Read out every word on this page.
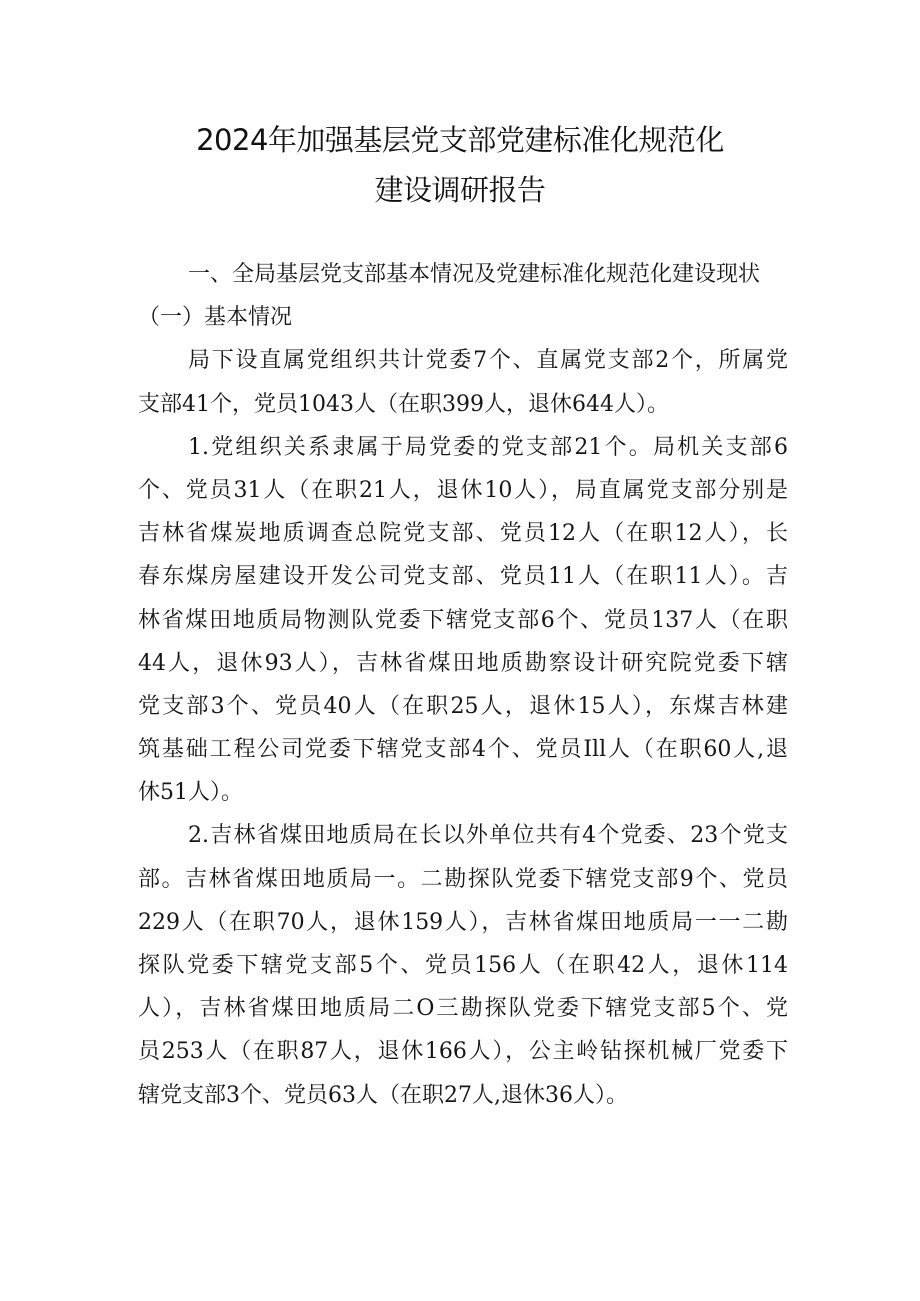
2024年加强基层党支部党建标准化规范化
建设调研报告
一、全局基层党支部基本情况及党建标准化规范化建设现状
（一）基本情况
局下设直属党组织共计党委7个、直属党支部2个，所属党
支部41个，党员1043人（在职399人，退休644人）。
1.党组织关系隶属于局党委的党支部21个。局机关支部6
个、党员31人（在职21人，退休10人），局直属党支部分别是
吉林省煤炭地质调查总院党支部、党员12人（在职12人），长
春东煤房屋建设开发公司党支部、党员11人（在职11人）。吉
林省煤田地质局物测队党委下辖党支部6个、党员137人（在职
44人，退休93人），吉林省煤田地质勘察设计研究院党委下辖
党支部3个、党员40人（在职25人，退休15人），东煤吉林建
筑基础工程公司党委下辖党支部4个、党员Ill人（在职60人,退
休51人）。
2.吉林省煤田地质局在长以外单位共有4个党委、23个党支
部。吉林省煤田地质局一。二勘探队党委下辖党支部9个、党员
229人（在职70人，退休159人），吉林省煤田地质局一一二勘
探队党委下辖党支部5个、党员156人（在职42人，退休114
人），吉林省煤田地质局二O三勘探队党委下辖党支部5个、党
员253人（在职87人，退休166人），公主岭钻探机械厂党委下
辖党支部3个、党员63人（在职27人,退休36人）。
